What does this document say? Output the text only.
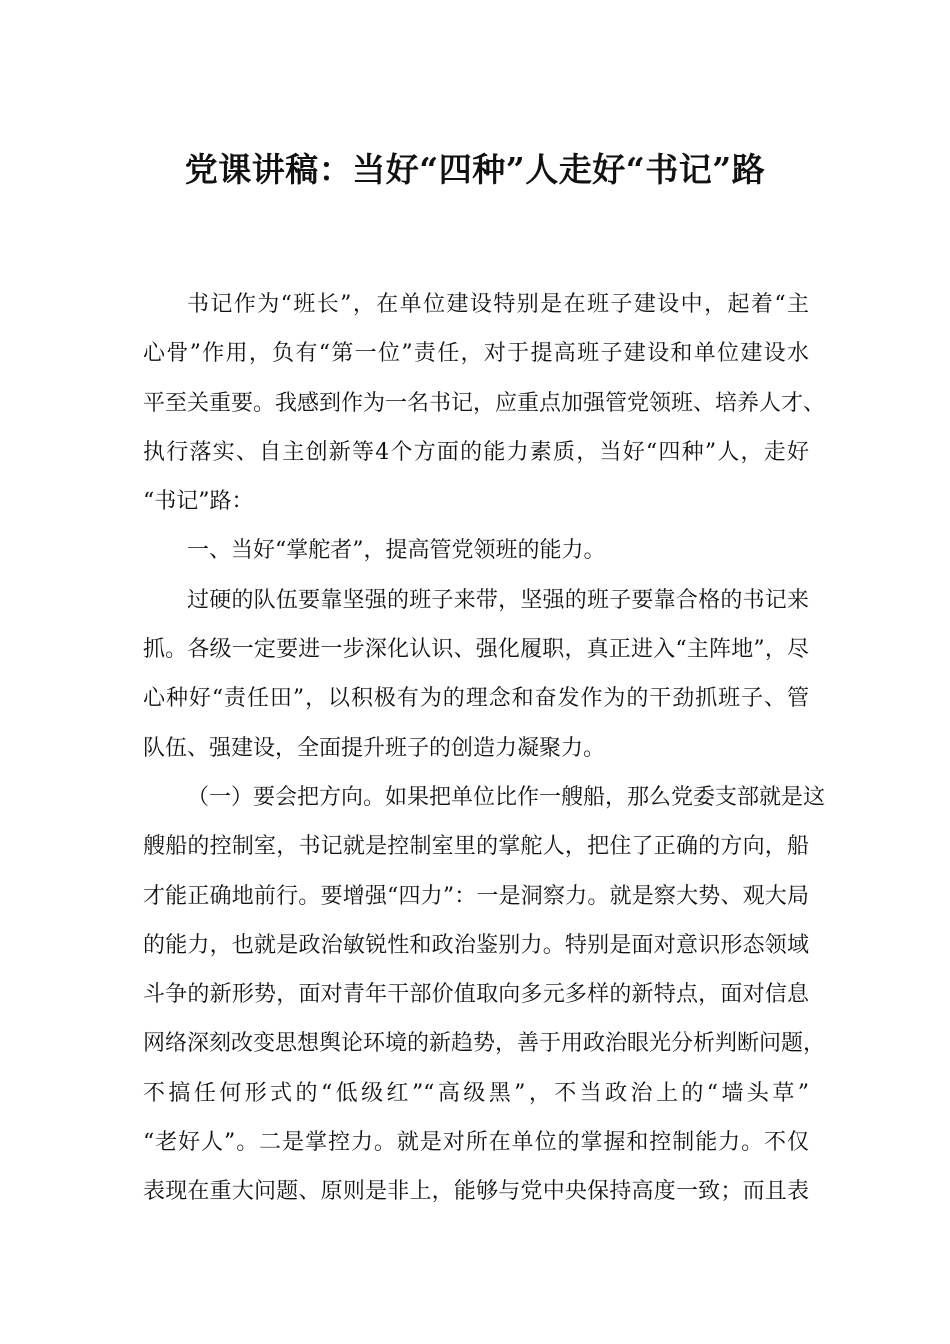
党课讲稿：当好“四种”人走好“书记”路
书记作为“班长”，在单位建设特别是在班子建设中，起着“主
心骨”作用，负有“第一位”责任，对于提高班子建设和单位建设水
平至关重要。我感到作为一名书记，应重点加强管党领班、培养人才、
执行落实、自主创新等4个方面的能力素质，当好“四种”人，走好
“书记”路：
一、当好“掌舵者”，提高管党领班的能力。
过硬的队伍要靠坚强的班子来带，坚强的班子要靠合格的书记来
抓。各级一定要进一步深化认识、强化履职，真正进入“主阵地”，尽
心种好“责任田”，以积极有为的理念和奋发作为的干劲抓班子、管
队伍、强建设，全面提升班子的创造力凝聚力。
（一）要会把方向。如果把单位比作一艘船，那么党委支部就是这
艘船的控制室，书记就是控制室里的掌舵人，把住了正确的方向，船
才能正确地前行。要增强“四力”：一是洞察力。就是察大势、观大局
的能力，也就是政治敏锐性和政治鉴别力。特别是面对意识形态领域
斗争的新形势，面对青年干部价值取向多元多样的新特点，面对信息
网络深刻改变思想舆论环境的新趋势，善于用政治眼光分析判断问题，
不搞任何形式的“低级红”“高级黑”，不当政治上的“墙头草”
“老好人”。二是掌控力。就是对所在单位的掌握和控制能力。不仅
表现在重大问题、原则是非上，能够与党中央保持高度一致；而且表
